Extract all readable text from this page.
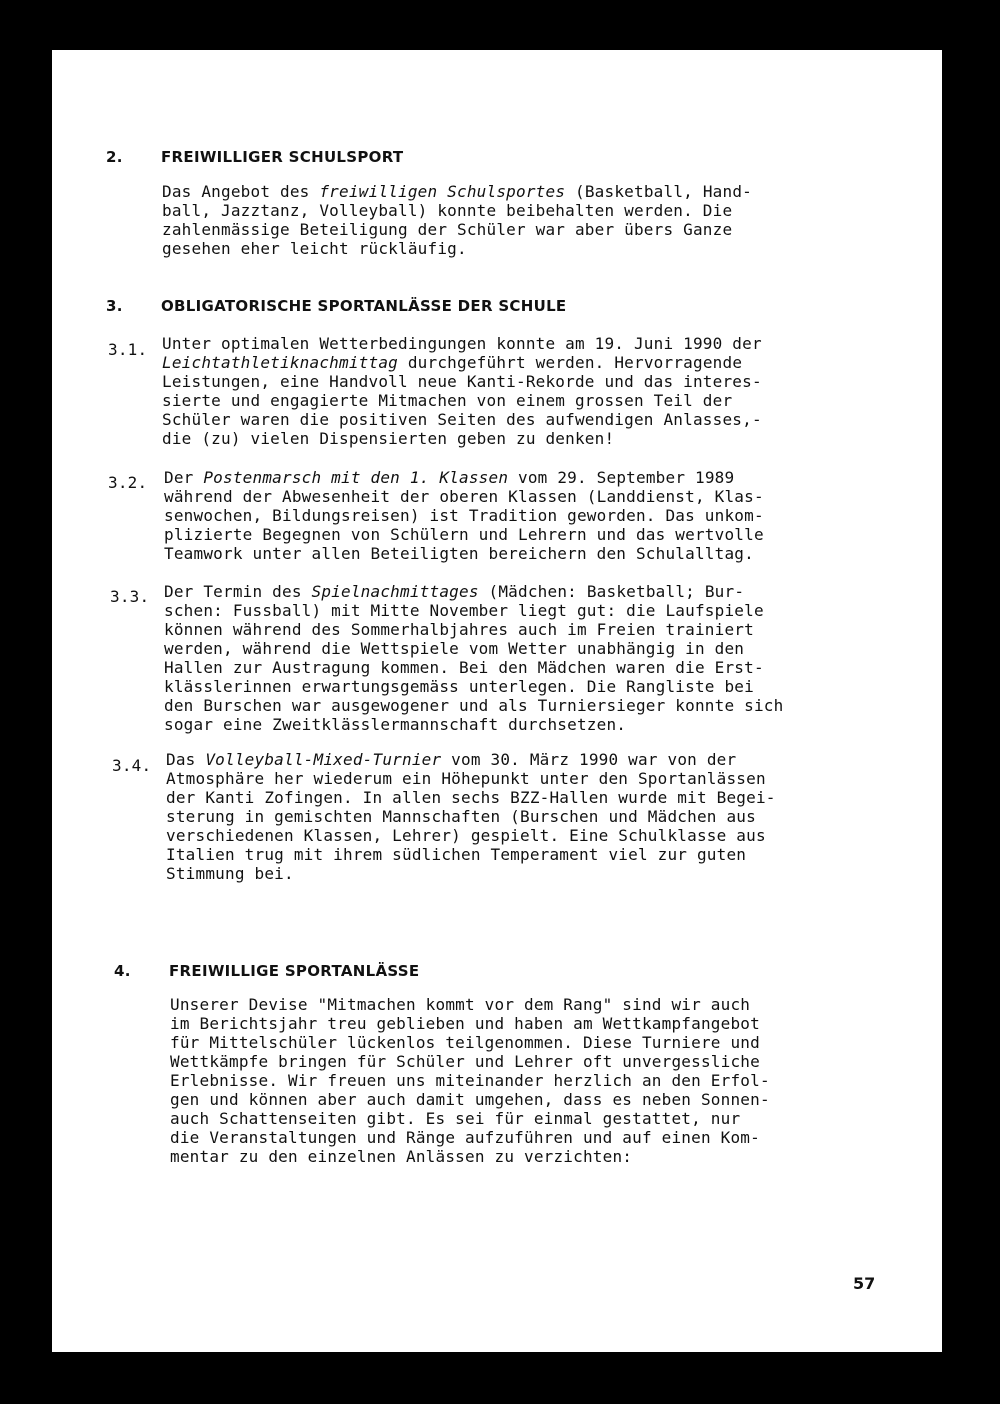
2.	FREIWILLIGER SCHULSPORT

Das Angebot des freiwilligen Schulsportes (Basketball, Hand-
ball, Jazztanz, Volleyball) konnte beibehalten werden. Die
zahlenmässige Beteiligung der Schüler war aber übers Ganze
gesehen eher leicht rückläufig.

3.	OBLIGATORISCHE SPORTANLÄSSE DER SCHULE
3.1. Unter optimalen Wetterbedingungen konnte am 19. Juni 1990 der
Leichtathletiknachmittag durchgeführt werden. Hervorragende
Leistungen, eine Handvoll neue Kanti-Rekorde und das interes-
sierte und engagierte Mitmachen von einem grossen Teil der
Schüler waren die positiven Seiten des aufwendigen Anlasses,-
die (zu) vielen Dispensierten geben zu denken!

3.2. Der Postenmarsch mit den 1. Klassen vom 29. September 1989
während der Abwesenheit der oberen Klassen (Landdienst, Klas-
senwochen, Bildungsreisen) ist Tradition geworden. Das unkom-
plizierte Begegnen von Schülern und Lehrern und das wertvolle
Teamwork unter allen Beteiligten bereichern den Schulalltag.

3.3. Der Termin des Spielnachmittages (Mädchen: Basketball; Bur-
schen: Fussball) mit Mitte November liegt gut: die Laufspiele
können während des Sommerhalbjahres auch im Freien trainiert
werden, während die Wettspiele vom Wetter unabhängig in den
Hallen zur Austragung kommen. Bei den Mädchen waren die Erst-
klässlerinnen erwartungsgemäss unterlegen. Die Rangliste bei
den Burschen war ausgewogener und als Turniersieger konnte sich
sogar eine Zweitklässlermannschaft durchsetzen.

3.4. Das Volleyball-Mixed-Turnier vom 30. März 1990 war von der
Atmosphäre her wiederum ein Höhepunkt unter den Sportanlässen
der Kanti Zofingen. In allen sechs BZZ-Hallen wurde mit Begei-
sterung in gemischten Mannschaften (Burschen und Mädchen aus
verschiedenen Klassen, Lehrer) gespielt. Eine Schulklasse aus
Italien trug mit ihrem südlichen Temperament viel zur guten
Stimmung bei.

4.	FREIWILLIGE SPORTANLÄSSE

Unserer Devise "Mitmachen kommt vor dem Rang" sind wir auch
im Berichtsjahr treu geblieben und haben am Wettkampfangebot
für Mittelschüler lückenlos teilgenommen. Diese Turniere und
Wettkämpfe bringen für Schüler und Lehrer oft unvergessliche
Erlebnisse. Wir freuen uns miteinander herzlich an den Erfol-
gen und können aber auch damit umgehen, dass es neben Sonnen-
auch Schattenseiten gibt. Es sei für einmal gestattet, nur
die Veranstaltungen und Ränge aufzuführen und auf einen Kom-
mentar zu den einzelnen Anlässen zu verzichten:

57
